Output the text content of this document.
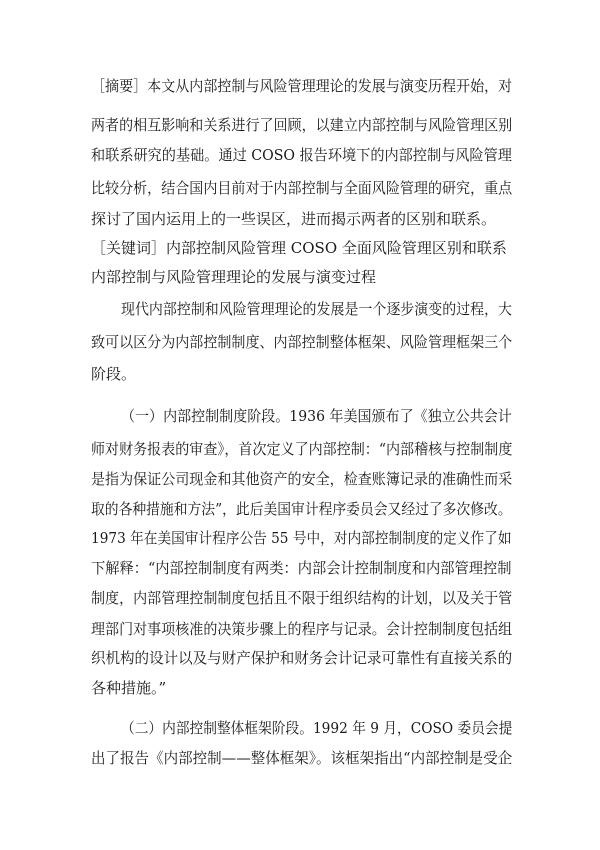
［摘要］本文从内部控制与风险管理理论的发展与演变历程开始，对
两者的相互影响和关系进行了回顾，以建立内部控制与风险管理区别
和联系研究的基础。通过 COSO 报告环境下的内部控制与风险管理
比较分析，结合国内目前对于内部控制与全面风险管理的研究，重点
探讨了国内运用上的一些误区，进而揭示两者的区别和联系。
［关键词］内部控制风险管理 COSO 全面风险管理区别和联系
内部控制与风险管理理论的发展与演变过程
现代内部控制和风险管理理论的发展是一个逐步演变的过程，大
致可以区分为内部控制制度、内部控制整体框架、风险管理框架三个
阶段。
（一）内部控制制度阶段。1936 年美国颁布了《独立公共会计
师对财务报表的审查》，首次定义了内部控制：“内部稽核与控制制度
是指为保证公司现金和其他资产的安全，检查账簿记录的准确性而采
取的各种措施和方法”，此后美国审计程序委员会又经过了多次修改。
1973 年在美国审计程序公告 55 号中，对内部控制制度的定义作了如
下解释：“内部控制制度有两类：内部会计控制制度和内部管理控制
制度，内部管理控制制度包括且不限于组织结构的计划，以及关于管
理部门对事项核准的决策步骤上的程序与记录。会计控制制度包括组
织机构的设计以及与财产保护和财务会计记录可靠性有直接关系的
各种措施。”
（二）内部控制整体框架阶段。1992 年 9 月，COSO 委员会提
出了报告《内部控制——整体框架》。该框架指出“内部控制是受企
